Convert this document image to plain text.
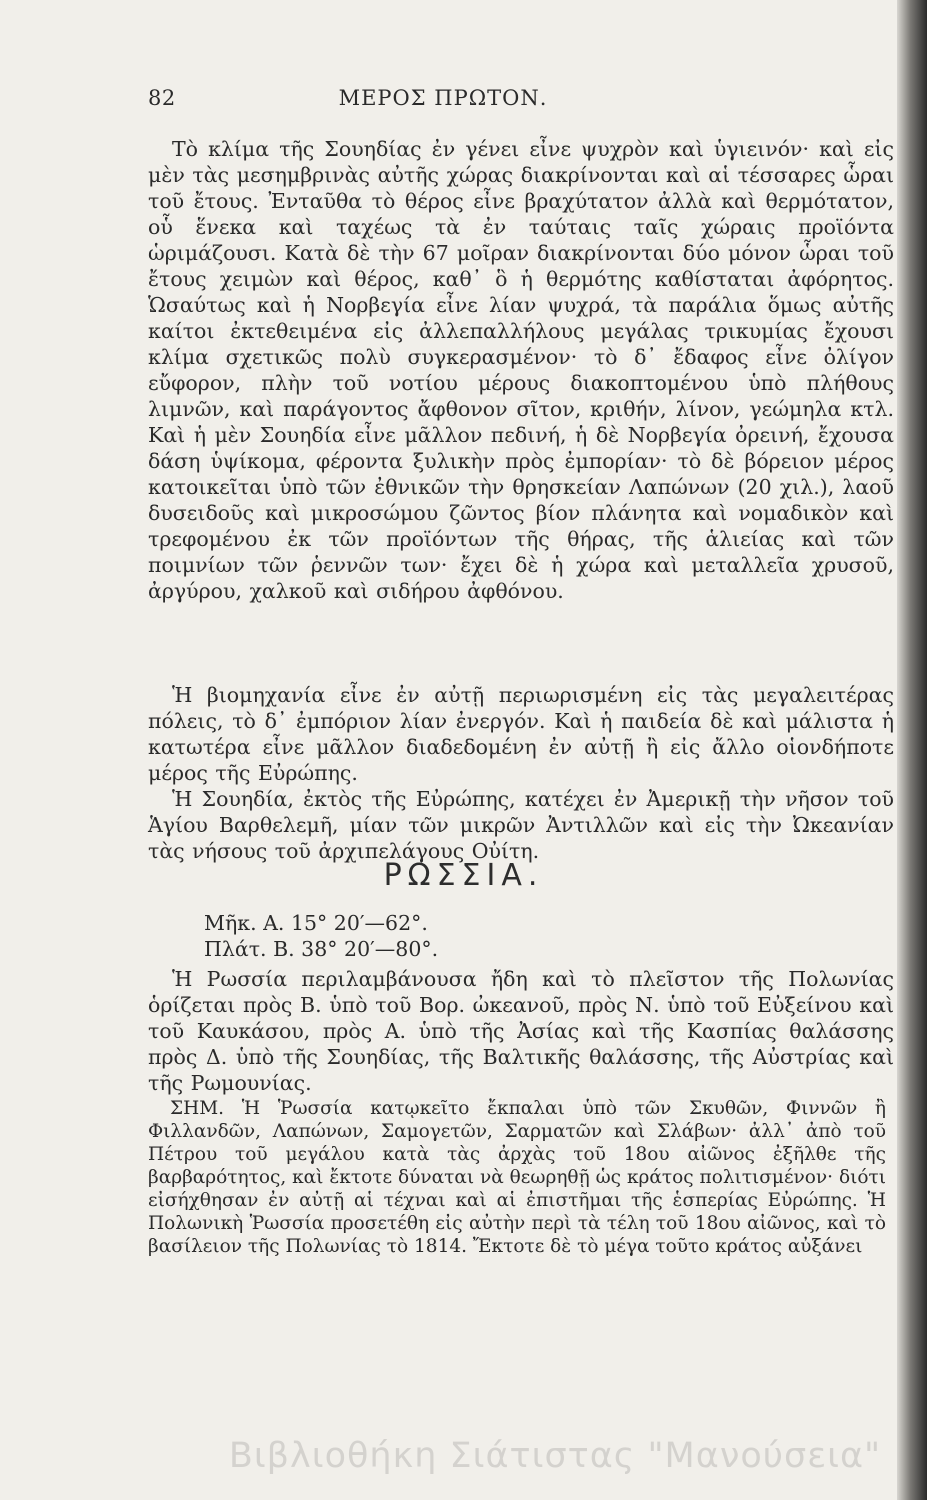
82	ΜΕΡΟΣ ΠΡΩΤΟΝ.

Τὸ κλίμα τῆς Σουηδίας ἐν γένει εἶνε ψυχρὸν καὶ ὑγιεινόν· καὶ εἰς μὲν τὰς μεσημβρινὰς αὐτῆς χώρας διακρίνονται καὶ αἱ τέσσαρες ὧραι τοῦ ἔτους. Ἐνταῦθα τὸ θέρος εἶνε βραχύτατον ἀλλὰ καὶ θερμότατον, οὗ ἕνεκα καὶ ταχέως τὰ ἐν ταύταις ταῖς χώραις προϊόντα ὡριμάζουσι. Κατὰ δὲ τὴν 67 μοῖραν διακρίνονται δύο μόνον ὧραι τοῦ ἔτους χειμὼν καὶ θέρος, καθ᾽ ὃ ἡ θερμότης καθίσταται ἀφόρητος. Ὡσαύτως καὶ ἡ Νορβεγία εἶνε λίαν ψυχρά, τὰ παράλια ὅμως αὐτῆς καίτοι ἐκτεθειμένα εἰς ἀλλεπαλλήλους μεγάλας τρικυμίας ἔχουσι κλίμα σχετικῶς πολὺ συγκερασμένον· τὸ δ᾽ ἔδαφος εἶνε ὀλίγον εὔφορον, πλὴν τοῦ νοτίου μέρους διακοπτομένου ὑπὸ πλήθους λιμνῶν, καὶ παράγοντος ἄφθονον σῖτον, κριθήν, λίνον, γεώμηλα κτλ. Καὶ ἡ μὲν Σουηδία εἶνε μᾶλλον πεδινή, ἡ δὲ Νορβεγία ὀρεινή, ἔχουσα δάση ὑψίκομα, φέροντα ξυλικὴν πρὸς ἐμπορίαν· τὸ δὲ βόρειον μέρος κατοικεῖται ὑπὸ τῶν ἐθνικῶν τὴν θρησκείαν Λαπώνων (20 χιλ.), λαοῦ δυσειδοῦς καὶ μικροσώμου ζῶντος βίον πλάνητα καὶ νομαδικὸν καὶ τρεφομένου ἐκ τῶν προϊόντων τῆς θήρας, τῆς ἁλιείας καὶ τῶν ποιμνίων τῶν ῥεννῶν των· ἔχει δὲ ἡ χώρα καὶ μεταλλεῖα χρυσοῦ, ἀργύρου, χαλκοῦ καὶ σιδήρου ἀφθόνου.

Ἡ βιομηχανία εἶνε ἐν αὐτῇ περιωρισμένη εἰς τὰς μεγαλειτέρας πόλεις, τὸ δ᾽ ἐμπόριον λίαν ἐνεργόν. Καὶ ἡ παιδεία δὲ καὶ μάλιστα ἡ κατωτέρα εἶνε μᾶλλον διαδεδομένη ἐν αὐτῇ ἢ εἰς ἄλλο οἱονδήποτε μέρος τῆς Εὐρώπης.

Ἡ Σουηδία, ἐκτὸς τῆς Εὐρώπης, κατέχει ἐν Ἀμερικῇ τὴν νῆσον τοῦ Ἁγίου Βαρθελεμῆ, μίαν τῶν μικρῶν Ἀντιλλῶν καὶ εἰς τὴν Ὠκεανίαν τὰς νήσους τοῦ ἀρχιπελάγους Οὐίτη.

ΡΩΣΣΙΑ.
Μῆκ. Α. 15° 20′—62°.
Πλάτ. Β. 38° 20′—80°.

Ἡ Ρωσσία περιλαμβάνουσα ἤδη καὶ τὸ πλεῖστον τῆς Πολωνίας ὁρίζεται πρὸς Β. ὑπὸ τοῦ Βορ. ὠκεανοῦ, πρὸς Ν. ὑπὸ τοῦ Εὐξείνου καὶ τοῦ Καυκάσου, πρὸς Α. ὑπὸ τῆς Ἀσίας καὶ τῆς Κασπίας θαλάσσης πρὸς Δ. ὑπὸ τῆς Σουηδίας, τῆς Βαλτικῆς θαλάσσης, τῆς Αὐστρίας καὶ τῆς Ρωμουνίας.

ΣΗΜ. Ἡ Ῥωσσία κατῳκεῖτο ἔκπαλαι ὑπὸ τῶν Σκυθῶν, Φιννῶν ἢ Φιλλανδῶν, Λαπώνων, Σαμογετῶν, Σαρματῶν καὶ Σλάβων· ἀλλ᾽ ἀπὸ τοῦ Πέτρου τοῦ μεγάλου κατὰ τὰς ἀρχὰς τοῦ 18ου αἰῶνος ἐξῆλθε τῆς βαρβαρότητος, καὶ ἔκτοτε δύναται νὰ θεωρηθῇ ὡς κράτος πολιτισμένον· διότι εἰσήχθησαν ἐν αὐτῇ αἱ τέχναι καὶ αἱ ἐπιστῆμαι τῆς ἑσπερίας Εὐρώπης. Ἡ Πολωνικὴ Ῥωσσία προσετέθη εἰς αὐτὴν περὶ τὰ τέλη τοῦ 18ου αἰῶνος, καὶ τὸ βασίλειον τῆς Πολωνίας τὸ 1814. Ἔκτοτε δὲ τὸ μέγα τοῦτο κράτος αὐξάνει

Βιβλιοθήκη Σιάτιστας "Μανούσεια"
